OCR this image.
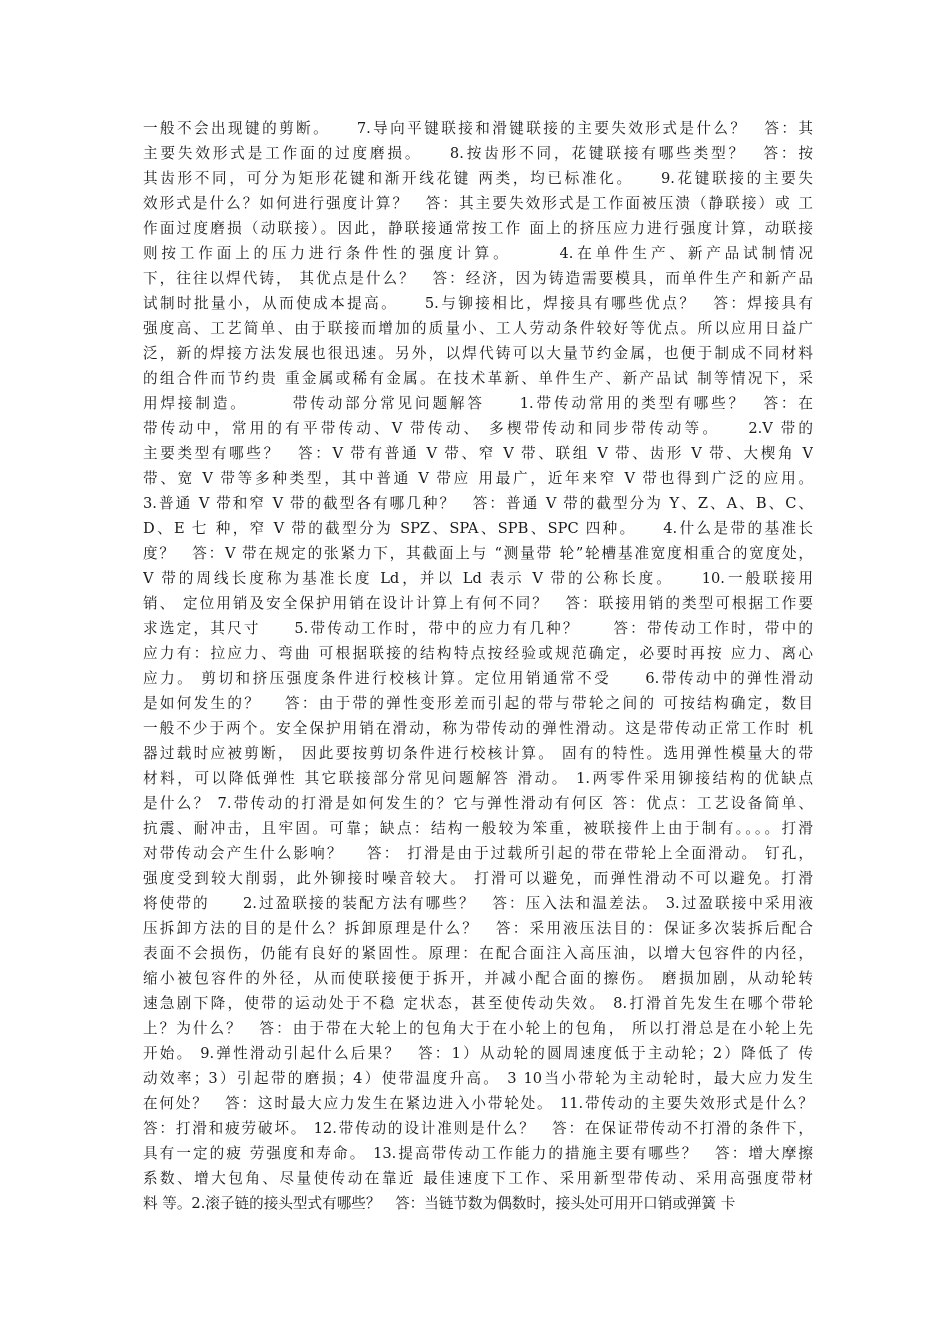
一般不会出现键的剪断。　　7.导向平键联接和滑键联接的主要失效形式是什么？　答：其
主要失效形式是工作面的过度磨损。　　8.按齿形不同，花键联接有哪些类型？　答：按
其齿形不同，可分为矩形花键和渐开线花键 两类，均已标准化。　　9.花键联接的主要失
效形式是什么？如何进行强度计算？　答：其主要失效形式是工作面被压溃（静联接）或 工
作面过度磨损（动联接）。因此，静联接通常按工作 面上的挤压应力进行强度计算，动联接
则按工作面上的压力进行条件性的强度计算。　　　4.在单件生产、新产品试制情况
下，往往以焊代铸， 其优点是什么？　答：经济，因为铸造需要模具，而单件生产和新产品
试制时批量小，从而使成本提高。　　5.与铆接相比，焊接具有哪些优点？　答：焊接具有
强度高、工艺简单、由于联接而增加的质量小、工人劳动条件较好等优点。所以应用日益广
泛，新的焊接方法发展也很迅速。另外，以焊代铸可以大量节约金属，也便于制成不同材料
的组合件而节约贵 重金属或稀有金属。在技术革新、单件生产、新产品试 制等情况下，采
用焊接制造。　　　带传动部分常见问题解答　　1.带传动常用的类型有哪些？　答：在
带传动中，常用的有平带传动、V 带传动、 多楔带传动和同步带传动等。　　2.V 带的
主要类型有哪些？　答：V 带有普通 V 带、窄 V 带、联组 V 带、齿形 V 带、大楔角 V
带、宽 V 带等多种类型，其中普通 V 带应 用最广，近年来窄 V 带也得到广泛的应用。
3.普通 V 带和窄 V 带的截型各有哪几种？　答：普通 V 带的截型分为 Y、Z、A、B、C、
D、E 七 种，窄 V 带的截型分为 SPZ、SPA、SPB、SPC 四种。　　4.什么是带的基准长
度？　答：V 带在规定的张紧力下，其截面上与 “测量带 轮”轮槽基准宽度相重合的宽度处，
V 带的周线长度称为基准长度 Ld，并以 Ld 表示 V 带的公称长度。　　10.一般联接用
销、 定位用销及安全保护用销在设计计算上有何不同？　答：联接用销的类型可根据工作要
求选定，其尺寸　　5.带传动工作时，带中的应力有几种？　　答：带传动工作时，带中的
应力有：拉应力、弯曲 可根据联接的结构特点按经验或规范确定，必要时再按 应力、离心
应力。 剪切和挤压强度条件进行校核计算。定位用销通常不受　　6.带传动中的弹性滑动
是如何发生的？　 答：由于带的弹性变形差而引起的带与带轮之间的 可按结构确定，数目
一般不少于两个。安全保护用销在滑动，称为带传动的弹性滑动。这是带传动正常工作时 机
器过载时应被剪断， 因此要按剪切条件进行校核计算。 固有的特性。选用弹性模量大的带
材料，可以降低弹性 其它联接部分常见问题解答 滑动。 1.两零件采用铆接结构的优缺点
是什么？ 7.带传动的打滑是如何发生的？它与弹性滑动有何区 答：优点：工艺设备简单、
抗震、耐冲击，且牢固。可靠；缺点：结构一般较为笨重，被联接件上由于制有。。。。打滑
对带传动会产生什么影响？　 答： 打滑是由于过载所引起的带在带轮上全面滑动。 钉孔，
强度受到较大削弱，此外铆接时噪音较大。 打滑可以避免，而弹性滑动不可以避免。打滑
将使带的　　2.过盈联接的装配方法有哪些？　答：压入法和温差法。 3.过盈联接中采用液
压拆卸方法的目的是什么？拆卸原理是什么？　答：采用液压法目的：保证多次装拆后配合
表面不会损伤，仍能有良好的紧固性。原理：在配合面注入高压油，以增大包容件的内径，
缩小被包容件的外径，从而使联接便于拆开，并减小配合面的擦伤。 磨损加剧，从动轮转
速急剧下降，使带的运动处于不稳 定状态，甚至使传动失效。 8.打滑首先发生在哪个带轮
上？为什么？　答：由于带在大轮上的包角大于在小轮上的包角， 所以打滑总是在小轮上先
开始。 9.弹性滑动引起什么后果？　答：1）从动轮的圆周速度低于主动轮；2）降低了 传
动效率；3）引起带的磨损；4）使带温度升高。 3 10当小带轮为主动轮时，最大应力发生
在何处？　答：这时最大应力发生在紧边进入小带轮处。 11.带传动的主要失效形式是什么？
答：打滑和疲劳破坏。 12.带传动的设计准则是什么？　答：在保证带传动不打滑的条件下，
具有一定的疲 劳强度和寿命。 13.提高带传动工作能力的措施主要有哪些？　答：增大摩擦
系数、增大包角、尽量使传动在靠近 最佳速度下工作、采用新型带传动、采用高强度带材
料 等。2.滚子链的接头型式有哪些？　答：当链节数为偶数时，接头处可用开口销或弹簧 卡
